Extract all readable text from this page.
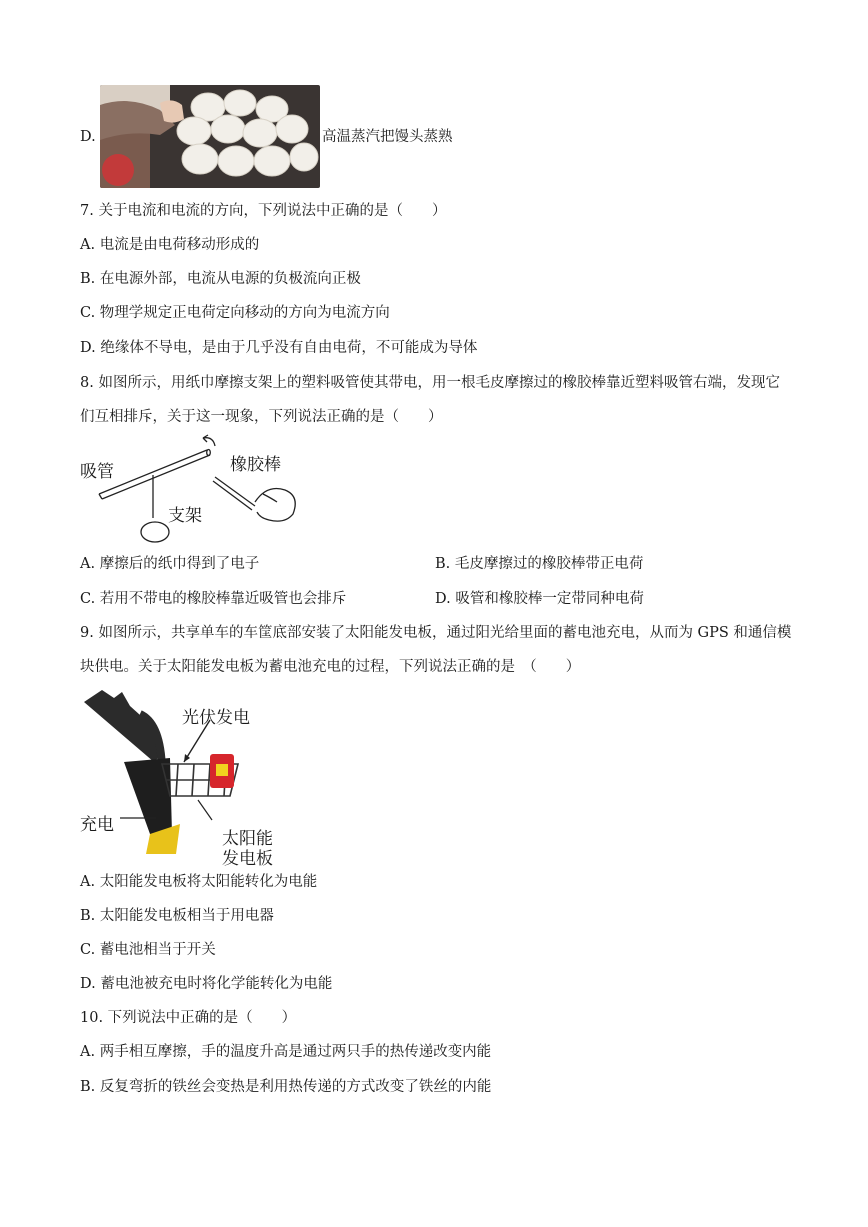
D.	高温蒸汽把馒头蒸熟
7. 关于电流和电流的方向，下列说法中正确的是（　　）
A. 电流是由电荷移动形成的
B. 在电源外部，电流从电源的负极流向正极
C. 物理学规定正电荷定向移动的方向为电流方向
D. 绝缘体不导电，是由于几乎没有自由电荷，不可能成为导体
8. 如图所示，用纸巾摩擦支架上的塑料吸管使其带电，用一根毛皮摩擦过的橡胶棒靠近塑料吸管右端，发现它们互相排斥，关于这一现象，下列说法正确的是（　　）
吸管	橡胶棒
支架
A. 摩擦后的纸巾得到了电子	B. 毛皮摩擦过的橡胶棒带正电荷
C. 若用不带电的橡胶棒靠近吸管也会排斥	D. 吸管和橡胶棒一定带同种电荷
9. 如图所示，共享单车的车筐底部安装了太阳能发电板，通过阳光给里面的蓄电池充电，从而为 GPS 和通信模块供电。关于太阳能发电板为蓄电池充电的过程，下列说法正确的是　（　　）
光伏发电
充电
太阳能
发电板
A. 太阳能发电板将太阳能转化为电能
B. 太阳能发电板相当于用电器
C. 蓄电池相当于开关
D. 蓄电池被充电时将化学能转化为电能
10. 下列说法中正确的是（　　）
A. 两手相互摩擦，手的温度升高是通过两只手的热传递改变内能
B. 反复弯折的铁丝会变热是利用热传递的方式改变了铁丝的内能
